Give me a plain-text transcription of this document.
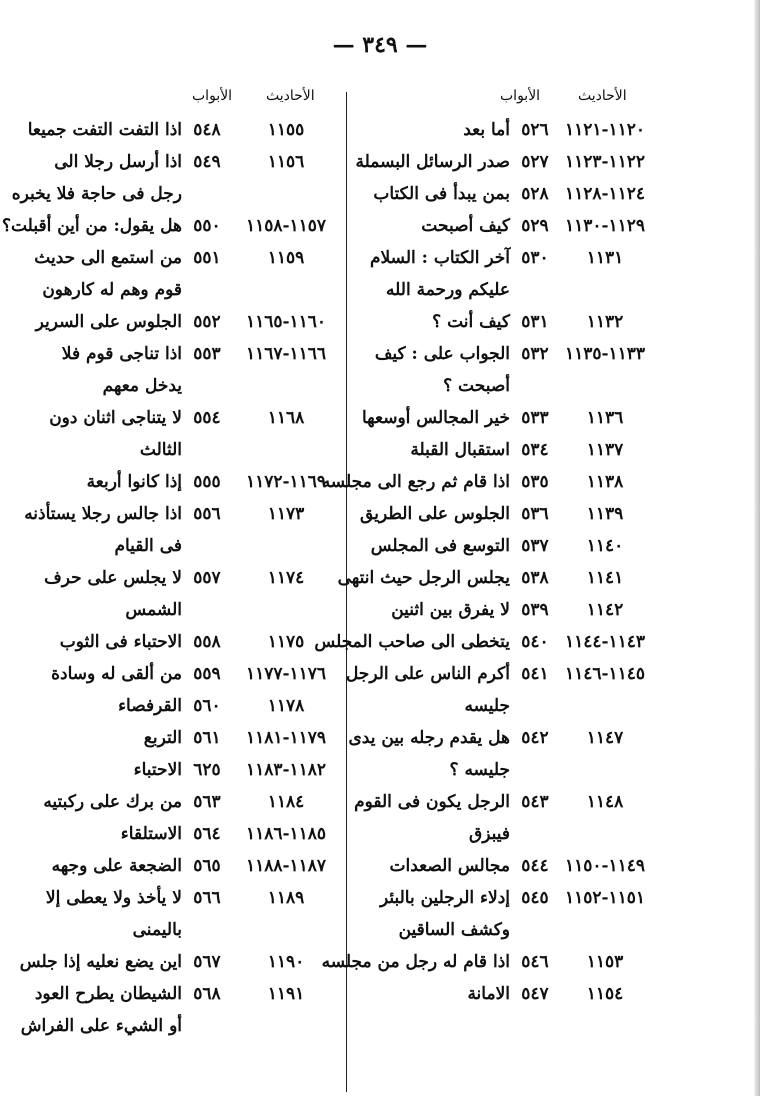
— ٣٤٩ —
الأحاديث
الأبواب
١١٢٠-١١٢١
٥٢٦
أما بعد
١١٢٢-١١٢٣
٥٢٧
صدر الرسائل البسملة
١١٢٤-١١٢٨
٥٢٨
بمن يبدأ فى الكتاب
١١٢٩-١١٣٠
٥٢٩
كيف أصبحت
١١٣١
٥٣٠
آخر الكتاب : السلام
عليكم ورحمة الله
١١٣٢
٥٣١
كيف أنت ؟
١١٣٣-١١٣٥
٥٣٢
الجواب على : كيف
أصبحت ؟
١١٣٦
٥٣٣
خير المجالس أوسعها
١١٣٧
٥٣٤
استقبال القبلة
١١٣٨
٥٣٥
اذا قام ثم رجع الى مجلسه
١١٣٩
٥٣٦
الجلوس على الطريق
١١٤٠
٥٣٧
التوسع فى المجلس
١١٤١
٥٣٨
يجلس الرجل حيث انتهى
١١٤٢
٥٣٩
لا يفرق بين اثنين
١١٤٣-١١٤٤
٥٤٠
يتخطى الى صاحب المجلس
١١٤٥-١١٤٦
٥٤١
أكرم الناس على الرجل
جليسه
١١٤٧
٥٤٢
هل يقدم رجله بين يدى
جليسه ؟
١١٤٨
٥٤٣
الرجل يكون فى القوم
فيبزق
١١٤٩-١١٥٠
٥٤٤
مجالس الصعدات
١١٥١-١١٥٢
٥٤٥
إدلاء الرجلين بالبئر
وكشف الساقين
١١٥٣
٥٤٦
اذا قام له رجل من مجلسه
١١٥٤
٥٤٧
الامانة
الأحاديث
الأبواب
١١٥٥
٥٤٨
اذا التفت التفت جميعا
١١٥٦
٥٤٩
اذا أرسل رجلا الى
رجل فى حاجة فلا يخبره
١١٥٧-١١٥٨
٥٥٠
هل يقول: من أين أقبلت؟
١١٥٩
٥٥١
من استمع الى حديث
قوم وهم له كارهون
١١٦٠-١١٦٥
٥٥٢
الجلوس على السرير
١١٦٦-١١٦٧
٥٥٣
اذا تناجى قوم فلا
يدخل معهم
١١٦٨
٥٥٤
لا يتناجى اثنان دون
الثالث
١١٦٩-١١٧٢
٥٥٥
إذا كانوا أربعة
١١٧٣
٥٥٦
اذا جالس رجلا يستأذنه
فى القيام
١١٧٤
٥٥٧
لا يجلس على حرف
الشمس
١١٧٥
٥٥٨
الاحتباء فى الثوب
١١٧٦-١١٧٧
٥٥٩
من ألقى له وسادة
١١٧٨
٥٦٠
القرفصاء
١١٧٩-١١٨١
٥٦١
التربع
١١٨٢-١١٨٣
٦٢٥
الاحتباء
١١٨٤
٥٦٣
من برك على ركبتيه
١١٨٥-١١٨٦
٥٦٤
الاستلقاء
١١٨٧-١١٨٨
٥٦٥
الضجعة على وجهه
١١٨٩
٥٦٦
لا يأخذ ولا يعطى إلا
باليمنى
١١٩٠
٥٦٧
اين يضع نعليه إذا جلس
١١٩١
٥٦٨
الشيطان يطرح العود
أو الشيء على الفراش
